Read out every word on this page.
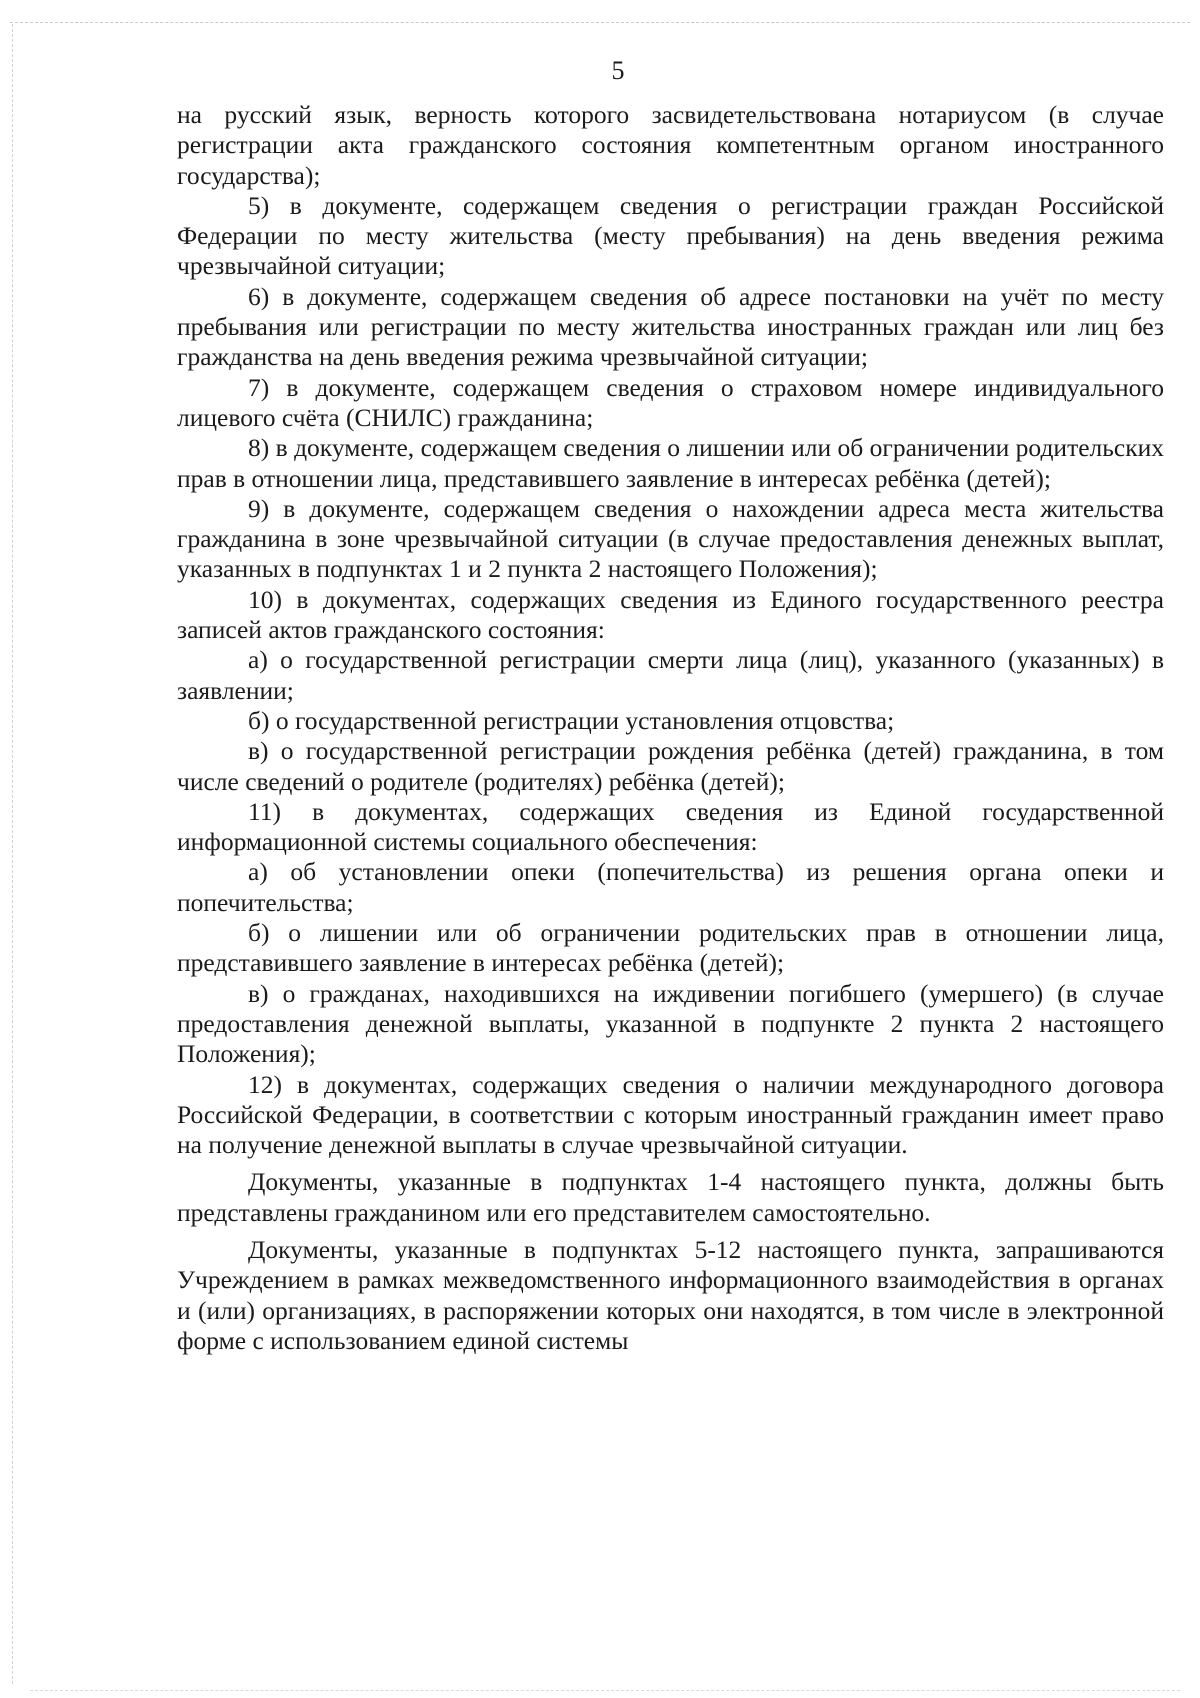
5

на русский язык, верность которого засвидетельствована нотариусом (в случае регистрации акта гражданского состояния компетентным органом иностранного государства);

5) в документе, содержащем сведения о регистрации граждан Российской Федерации по месту жительства (месту пребывания) на день введения режима чрезвычайной ситуации;

6) в документе, содержащем сведения об адресе постановки на учёт по месту пребывания или регистрации по месту жительства иностранных граждан или лиц без гражданства на день введения режима чрезвычайной ситуации;

7) в документе, содержащем сведения о страховом номере индивидуального лицевого счёта (СНИЛС) гражданина;

8) в документе, содержащем сведения о лишении или об ограничении родительских прав в отношении лица, представившего заявление в интересах ребёнка (детей);

9) в документе, содержащем сведения о нахождении адреса места жительства гражданина в зоне чрезвычайной ситуации (в случае предоставления денежных выплат, указанных в подпунктах 1 и 2 пункта 2 настоящего Положения);

10) в документах, содержащих сведения из Единого государственного реестра записей актов гражданского состояния:

а) о государственной регистрации смерти лица (лиц), указанного (указанных) в заявлении;

б) о государственной регистрации установления отцовства;

в) о государственной регистрации рождения ребёнка (детей) гражданина, в том числе сведений о родителе (родителях) ребёнка (детей);

11) в документах, содержащих сведения из Единой государственной информационной системы социального обеспечения:

а) об установлении опеки (попечительства) из решения органа опеки и попечительства;

б) о лишении или об ограничении родительских прав в отношении лица, представившего заявление в интересах ребёнка (детей);

в) о гражданах, находившихся на иждивении погибшего (умершего) (в случае предоставления денежной выплаты, указанной в подпункте 2 пункта 2 настоящего Положения);

12) в документах, содержащих сведения о наличии международного договора Российской Федерации, в соответствии с которым иностранный гражданин имеет право на получение денежной выплаты в случае чрезвычайной ситуации.

Документы, указанные в подпунктах 1-4 настоящего пункта, должны быть представлены гражданином или его представителем самостоятельно.

Документы, указанные в подпунктах 5-12 настоящего пункта, запрашиваются Учреждением в рамках межведомственного информационного взаимодействия в органах и (или) организациях, в распоряжении которых они находятся, в том числе в электронной форме с использованием единой системы
